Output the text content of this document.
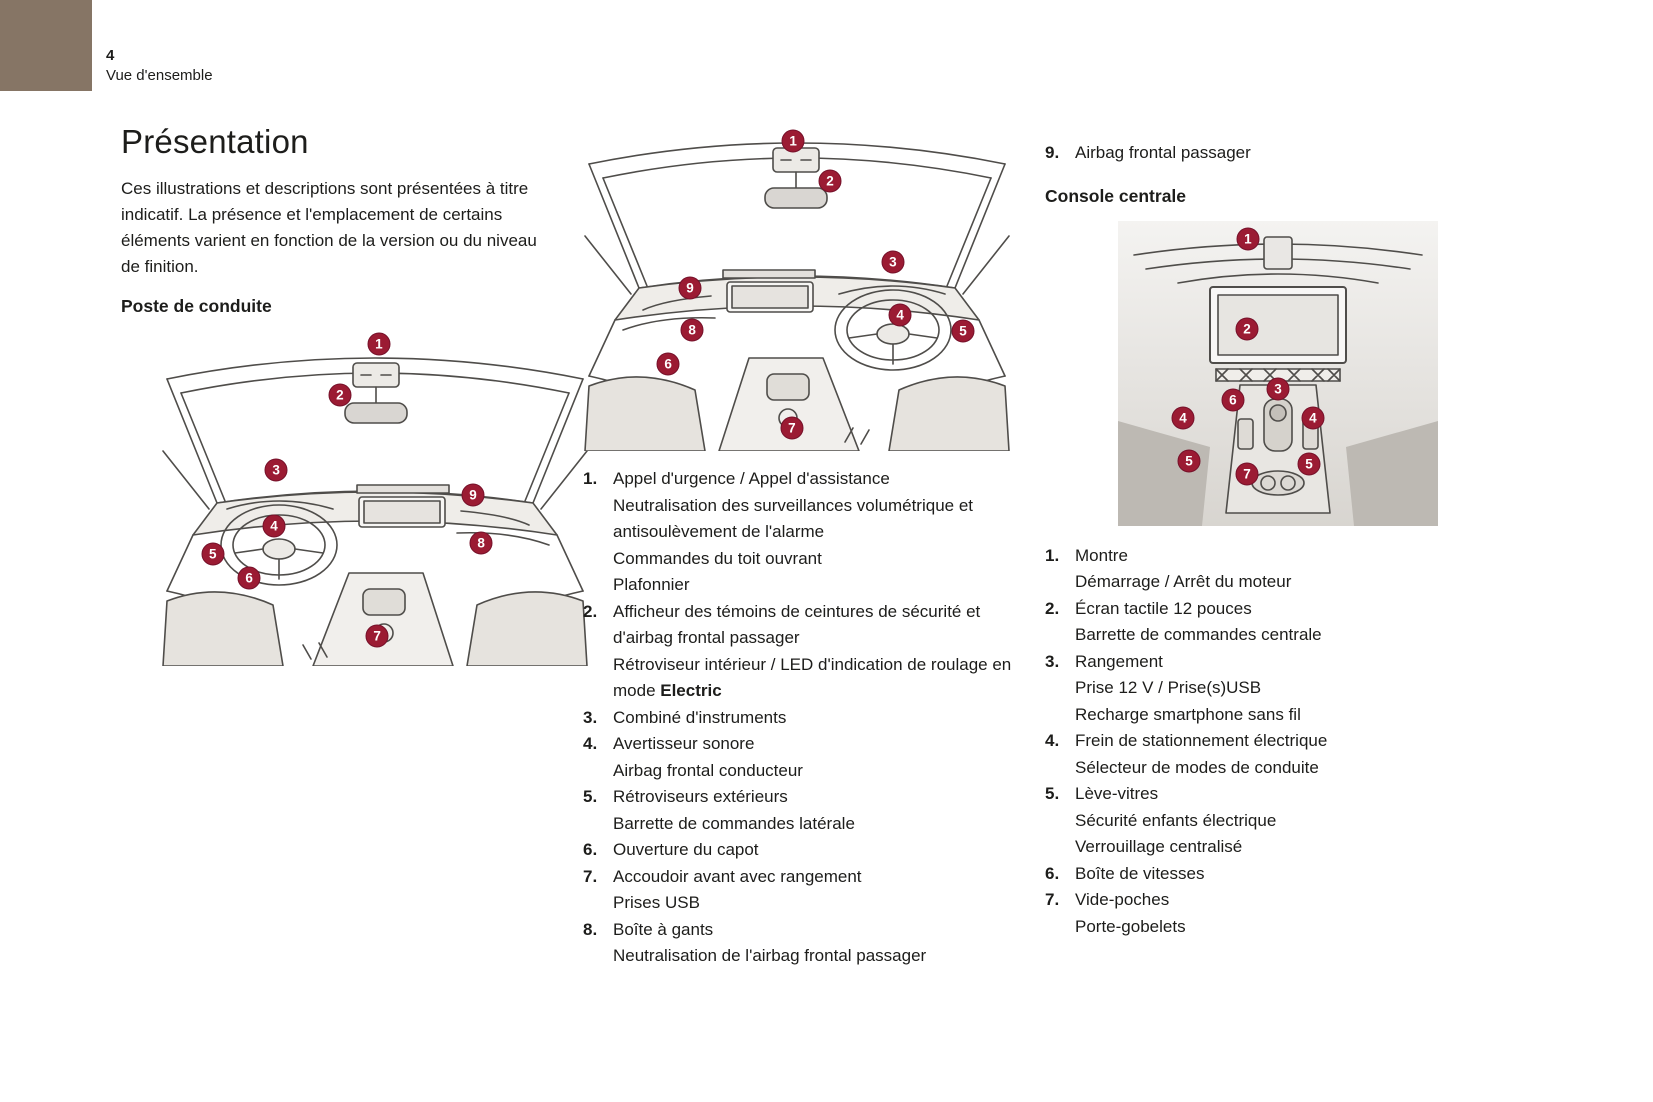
4
Vue d'ensemble
Présentation

Ces illustrations et descriptions sont présentées à titre indicatif. La présence et l'emplacement de certains éléments varient en fonction de la version ou du niveau de finition.

Poste de conduite
1
2
3
9
4
8
5
6
7
1
2
3
9
4
8	5
6
7
1. Appel d'urgence / Appel d'assistance
Neutralisation des surveillances volumétrique et antisoulèvement de l'alarme
Commandes du toit ouvrant
Plafonnier
2. Afficheur des témoins de ceintures de sécurité et d'airbag frontal passager
Rétroviseur intérieur / LED d'indication de roulage en mode Electric
3. Combiné d'instruments
4. Avertisseur sonore
Airbag frontal conducteur
5. Rétroviseurs extérieurs
Barrette de commandes latérale
6. Ouverture du capot
7. Accoudoir avant avec rangement
Prises USB
8. Boîte à gants
Neutralisation de l'airbag frontal passager
9. Airbag frontal passager
Console centrale
1
2
3
6
4	4
5	5
7
1. Montre
Démarrage / Arrêt du moteur
2. Écran tactile 12 pouces
Barrette de commandes centrale
3. Rangement
Prise 12 V / Prise(s)USB
Recharge smartphone sans fil
4. Frein de stationnement électrique
Sélecteur de modes de conduite
5. Lève-vitres
Sécurité enfants électrique
Verrouillage centralisé
6. Boîte de vitesses
7. Vide-poches
Porte-gobelets
